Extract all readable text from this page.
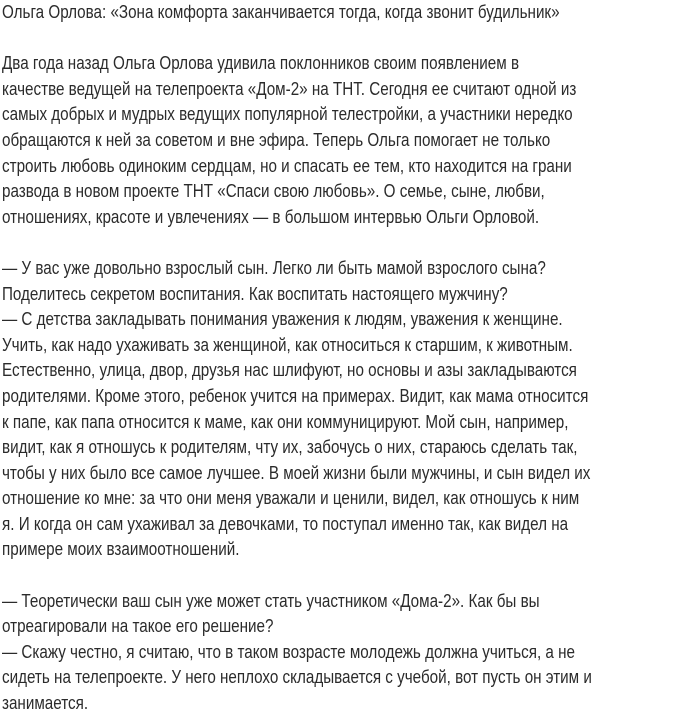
Ольга Орлова: «Зона комфорта заканчивается тогда, когда звонит будильник»
Два года назад Ольга Орлова удивила поклонников своим появлением в
качестве ведущей на телепроекта «Дом-2» на ТНТ. Сегодня ее считают одной из
самых добрых и мудрых ведущих популярной телестройки, а участники нередко
обращаются к ней за советом и вне эфира. Теперь Ольга помогает не только
строить любовь одиноким сердцам, но и спасать ее тем, кто находится на грани
развода в новом проекте ТНТ «Спаси свою любовь». О семье, сыне, любви,
отношениях, красоте и увлечениях — в большом интервью Ольги Орловой.
— У вас уже довольно взрослый сын. Легко ли быть мамой взрослого сына?
Поделитесь секретом воспитания. Как воспитать настоящего мужчину?
— С детства закладывать понимания уважения к людям, уважения к женщине.
Учить, как надо ухаживать за женщиной, как относиться к старшим, к животным.
Естественно, улица, двор, друзья нас шлифуют, но основы и азы закладываются
родителями. Кроме этого, ребенок учится на примерах. Видит, как мама относится
к папе, как папа относится к маме, как они коммуницируют. Мой сын, например,
видит, как я отношусь к родителям, чту их, забочусь о них, стараюсь сделать так,
чтобы у них было все самое лучшее. В моей жизни были мужчины, и сын видел их
отношение ко мне: за что они меня уважали и ценили, видел, как отношусь к ним
я. И когда он сам ухаживал за девочками, то поступал именно так, как видел на
примере моих взаимоотношений.
— Теоретически ваш сын уже может стать участником «Дома-2». Как бы вы
отреагировали на такое его решение?
— Скажу честно, я считаю, что в таком возрасте молодежь должна учиться, а не
сидеть на телепроекте. У него неплохо складывается с учебой, вот пусть он этим и
занимается.
